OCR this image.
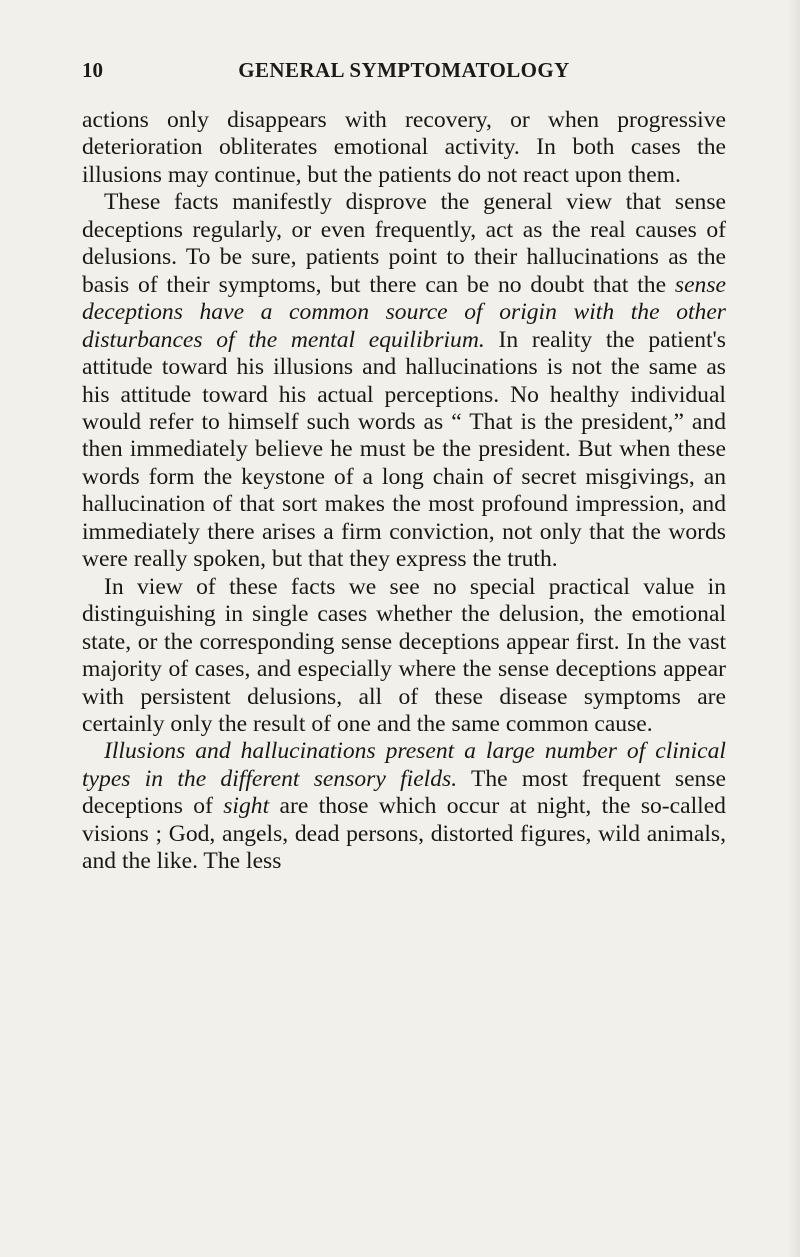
10	GENERAL SYMPTOMATOLOGY

actions only disappears with recovery, or when progressive deterioration obliterates emotional activity. In both cases the illusions may continue, but the patients do not react upon them.

These facts manifestly disprove the general view that sense deceptions regularly, or even frequently, act as the real causes of delusions. To be sure, patients point to their hallucinations as the basis of their symptoms, but there can be no doubt that the sense deceptions have a common source of origin with the other disturbances of the mental equilibrium. In reality the patient's attitude toward his illusions and hallucinations is not the same as his attitude toward his actual perceptions. No healthy individual would refer to himself such words as “ That is the president,” and then immediately believe he must be the president. But when these words form the keystone of a long chain of secret misgivings, an hallucination of that sort makes the most profound impression, and immediately there arises a firm conviction, not only that the words were really spoken, but that they express the truth.

In view of these facts we see no special practical value in distinguishing in single cases whether the delusion, the emotional state, or the corresponding sense deceptions appear first. In the vast majority of cases, and especially where the sense deceptions appear with persistent delusions, all of these disease symptoms are certainly only the result of one and the same common cause.

Illusions and hallucinations present a large number of clinical types in the different sensory fields. The most frequent sense deceptions of sight are those which occur at night, the so-called visions ; God, angels, dead persons, distorted figures, wild animals, and the like. The less
